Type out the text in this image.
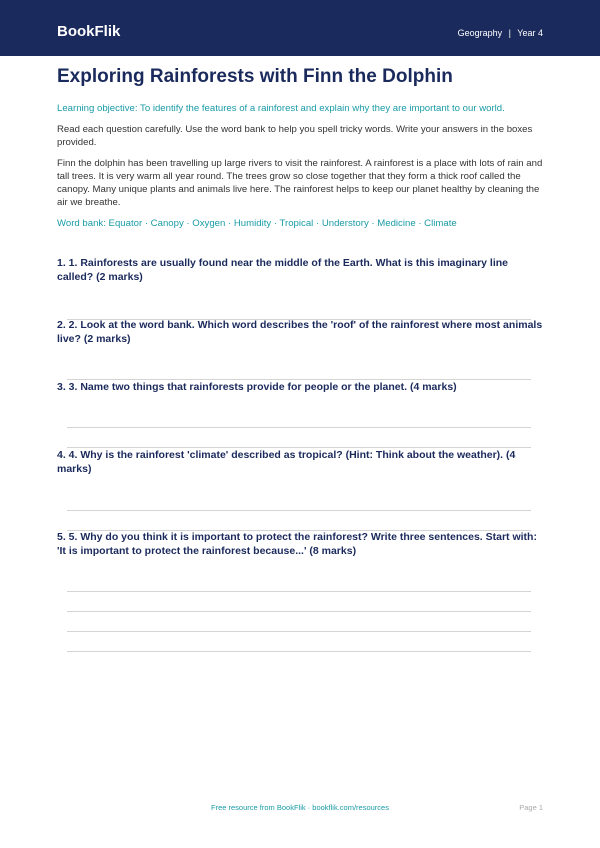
BookFlik	Geography | Year 4
Exploring Rainforests with Finn the Dolphin
Learning objective: To identify the features of a rainforest and explain why they are important to our world.
Read each question carefully. Use the word bank to help you spell tricky words. Write your answers in the boxes provided.
Finn the dolphin has been travelling up large rivers to visit the rainforest. A rainforest is a place with lots of rain and tall trees. It is very warm all year round. The trees grow so close together that they form a thick roof called the canopy. Many unique plants and animals live here. The rainforest helps to keep our planet healthy by cleaning the air we breathe.
Word bank: Equator · Canopy · Oxygen · Humidity · Tropical · Understory · Medicine · Climate
1. 1. Rainforests are usually found near the middle of the Earth. What is this imaginary line called? (2 marks)
2. 2. Look at the word bank. Which word describes the 'roof' of the rainforest where most animals live? (2 marks)
3. 3. Name two things that rainforests provide for people or the planet. (4 marks)
4. 4. Why is the rainforest 'climate' described as tropical? (Hint: Think about the weather). (4 marks)
5. 5. Why do you think it is important to protect the rainforest? Write three sentences. Start with: 'It is important to protect the rainforest because...' (8 marks)
Free resource from BookFlik · bookflik.com/resources	Page 1
